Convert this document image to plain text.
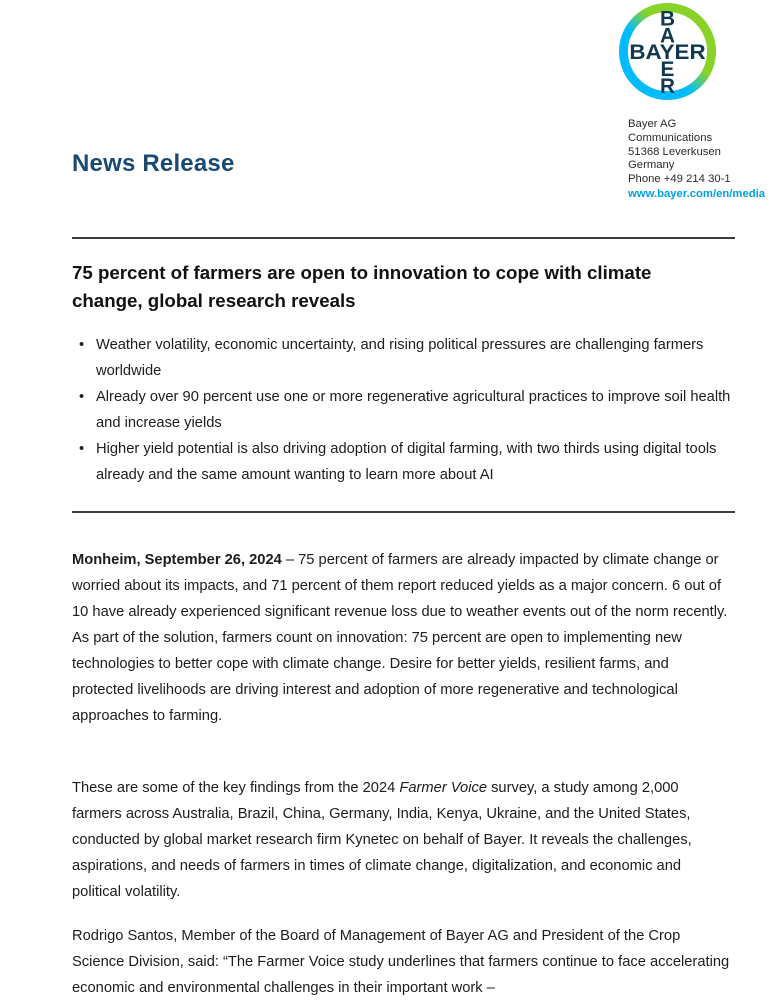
B
A
BAYER
E
R
News Release
Bayer AG
Communications
51368 Leverkusen
Germany
Phone +49 214 30-1
www.bayer.com/en/media
75 percent of farmers are open to innovation to cope with climate change, global research reveals
• Weather volatility, economic uncertainty, and rising political pressures are challenging farmers worldwide
• Already over 90 percent use one or more regenerative agricultural practices to improve soil health and increase yields
• Higher yield potential is also driving adoption of digital farming, with two thirds using digital tools already and the same amount wanting to learn more about AI

Monheim, September 26, 2024 – 75 percent of farmers are already impacted by climate change or worried about its impacts, and 71 percent of them report reduced yields as a major concern. 6 out of 10 have already experienced significant revenue loss due to weather events out of the norm recently. As part of the solution, farmers count on innovation: 75 percent are open to implementing new technologies to better cope with climate change. Desire for better yields, resilient farms, and protected livelihoods are driving interest and adoption of more regenerative and technological approaches to farming.

These are some of the key findings from the 2024 Farmer Voice survey, a study among 2,000 farmers across Australia, Brazil, China, Germany, India, Kenya, Ukraine, and the United States, conducted by global market research firm Kynetec on behalf of Bayer. It reveals the challenges, aspirations, and needs of farmers in times of climate change, digitalization, and economic and political volatility.

Rodrigo Santos, Member of the Board of Management of Bayer AG and President of the Crop Science Division, said: “The Farmer Voice study underlines that farmers continue to face accelerating economic and environmental challenges in their important work –
